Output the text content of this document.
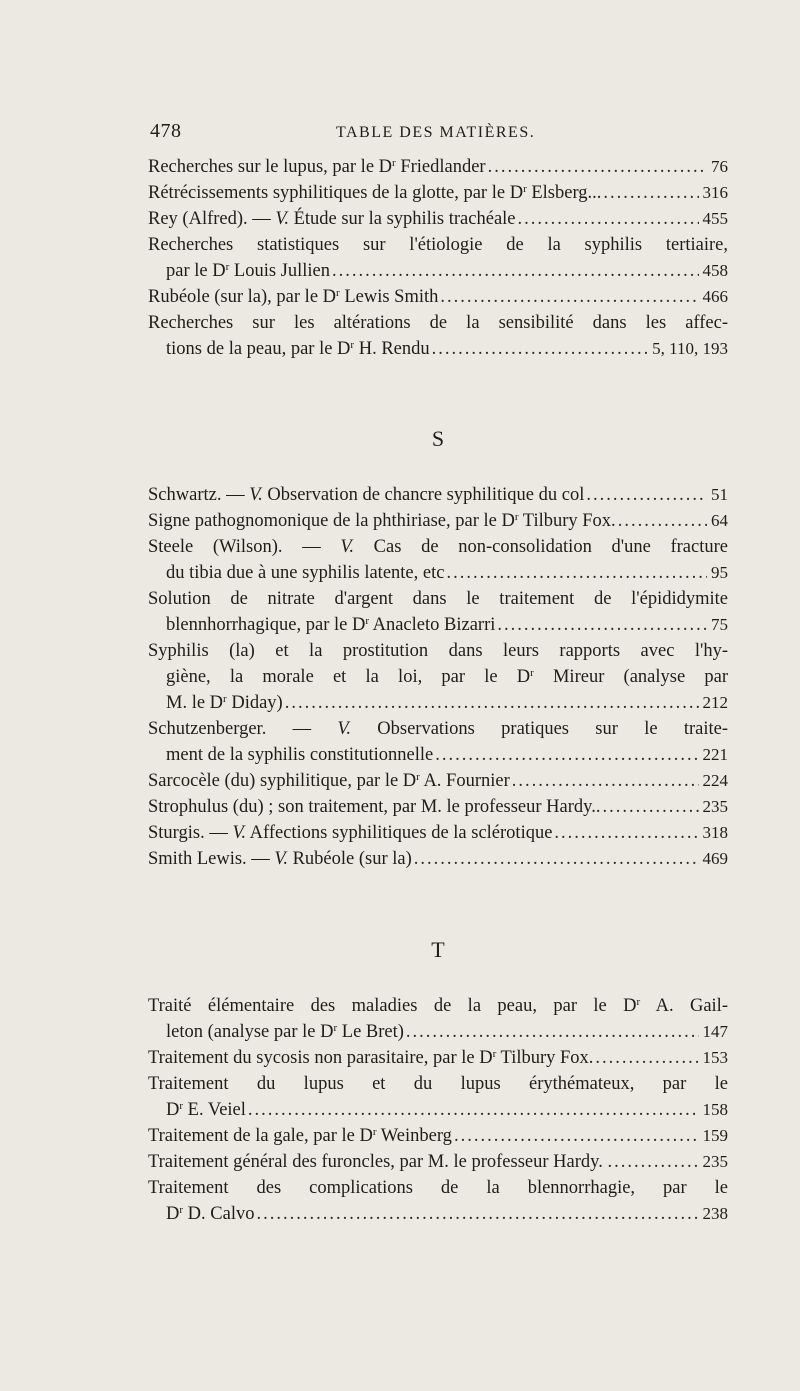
478	TABLE DES MATIÈRES.
Recherches sur le lupus, par le $D^r$ Friedlander .....	76
Rétrécissements syphilitiques de la glotte, par le $D^r$ Elsberg... .....	316
Rey (Alfred). — V. Étude sur la syphilis trachéale .....	455
Recherches statistiques sur l'étiologie de la syphilis tertiaire,
par le $D^r$ Louis Jullien .....	458
Rubéole (sur la), par le $D^r$ Lewis Smith .....	466
Recherches sur les altérations de la sensibilité dans les affec-
tions de la peau, par le $D^r$ H. Rendu .....	5, 110, 193
S
Schwartz. — V. Observation de chancre syphilitique du col .....	51
Signe pathognomonique de la phthiriase, par le $D^r$ Tilbury Fox. .....	64
Steele (Wilson). — V. Cas de non-consolidation d'une fracture
du tibia due à une syphilis latente, etc .....	95
Solution de nitrate d'argent dans le traitement de l'épididymite
blennhorrhagique, par le $D^r$ Anacleto Bizarri .....	75
Syphilis (la) et la prostitution dans leurs rapports avec l'hy-
giène, la morale et la loi, par le $D^r$ Mireur (analyse par
M. le $D^r$ Diday) .....	212
Schutzenberger. — V. Observations pratiques sur le traite-
ment de la syphilis constitutionnelle .....	221
Sarcocèle (du) syphilitique, par le $D^r$ A. Fournier .....	224
Strophulus (du) ; son traitement, par M. le professeur Hardy.. .....	235
Sturgis. — V. Affections syphilitiques de la sclérotique .....	318
Smith Lewis. — V. Rubéole (sur la) .....	469
T
Traité élémentaire des maladies de la peau, par le $D^r$ A. Gail-
leton (analyse par le $D^r$ Le Bret) .....	147
Traitement du sycosis non parasitaire, par le $D^r$ Tilbury Fox. .....	153
Traitement du lupus et du lupus érythémateux, par le
$D^r$ E. Veiel .....	158
Traitement de la gale, par le $D^r$ Weinberg .....	159
Traitement général des furoncles, par M. le professeur Hardy. . .....	235
Traitement des complications de la blennorrhagie, par le
$D^r$ D. Calvo .....	238
